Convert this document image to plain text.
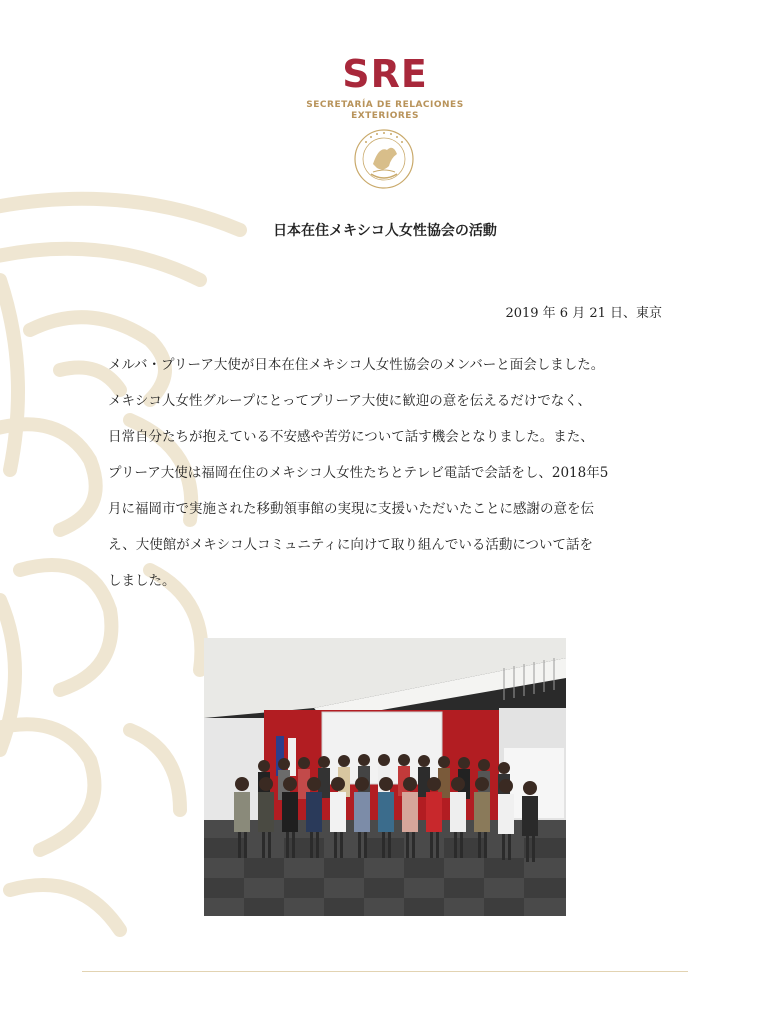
SRE
SECRETARÍA DE RELACIONES
EXTERIORES
日本在住メキシコ人女性協会の活動
2019 年 6 月 21 日、東京
メルバ・プリーア大使が日本在住メキシコ人女性協会のメンバーと面会しました。
メキシコ人女性グループにとってプリーア大使に歓迎の意を伝えるだけでなく、
日常自分たちが抱えている不安感や苦労について話す機会となりました。また、
プリーア大使は福岡在住のメキシコ人女性たちとテレビ電話で会話をし、2018年5
月に福岡市で実施された移動領事館の実現に支援いただいたことに感謝の意を伝
え、大使館がメキシコ人コミュニティに向けて取り組んでいる活動について話を
しました。
